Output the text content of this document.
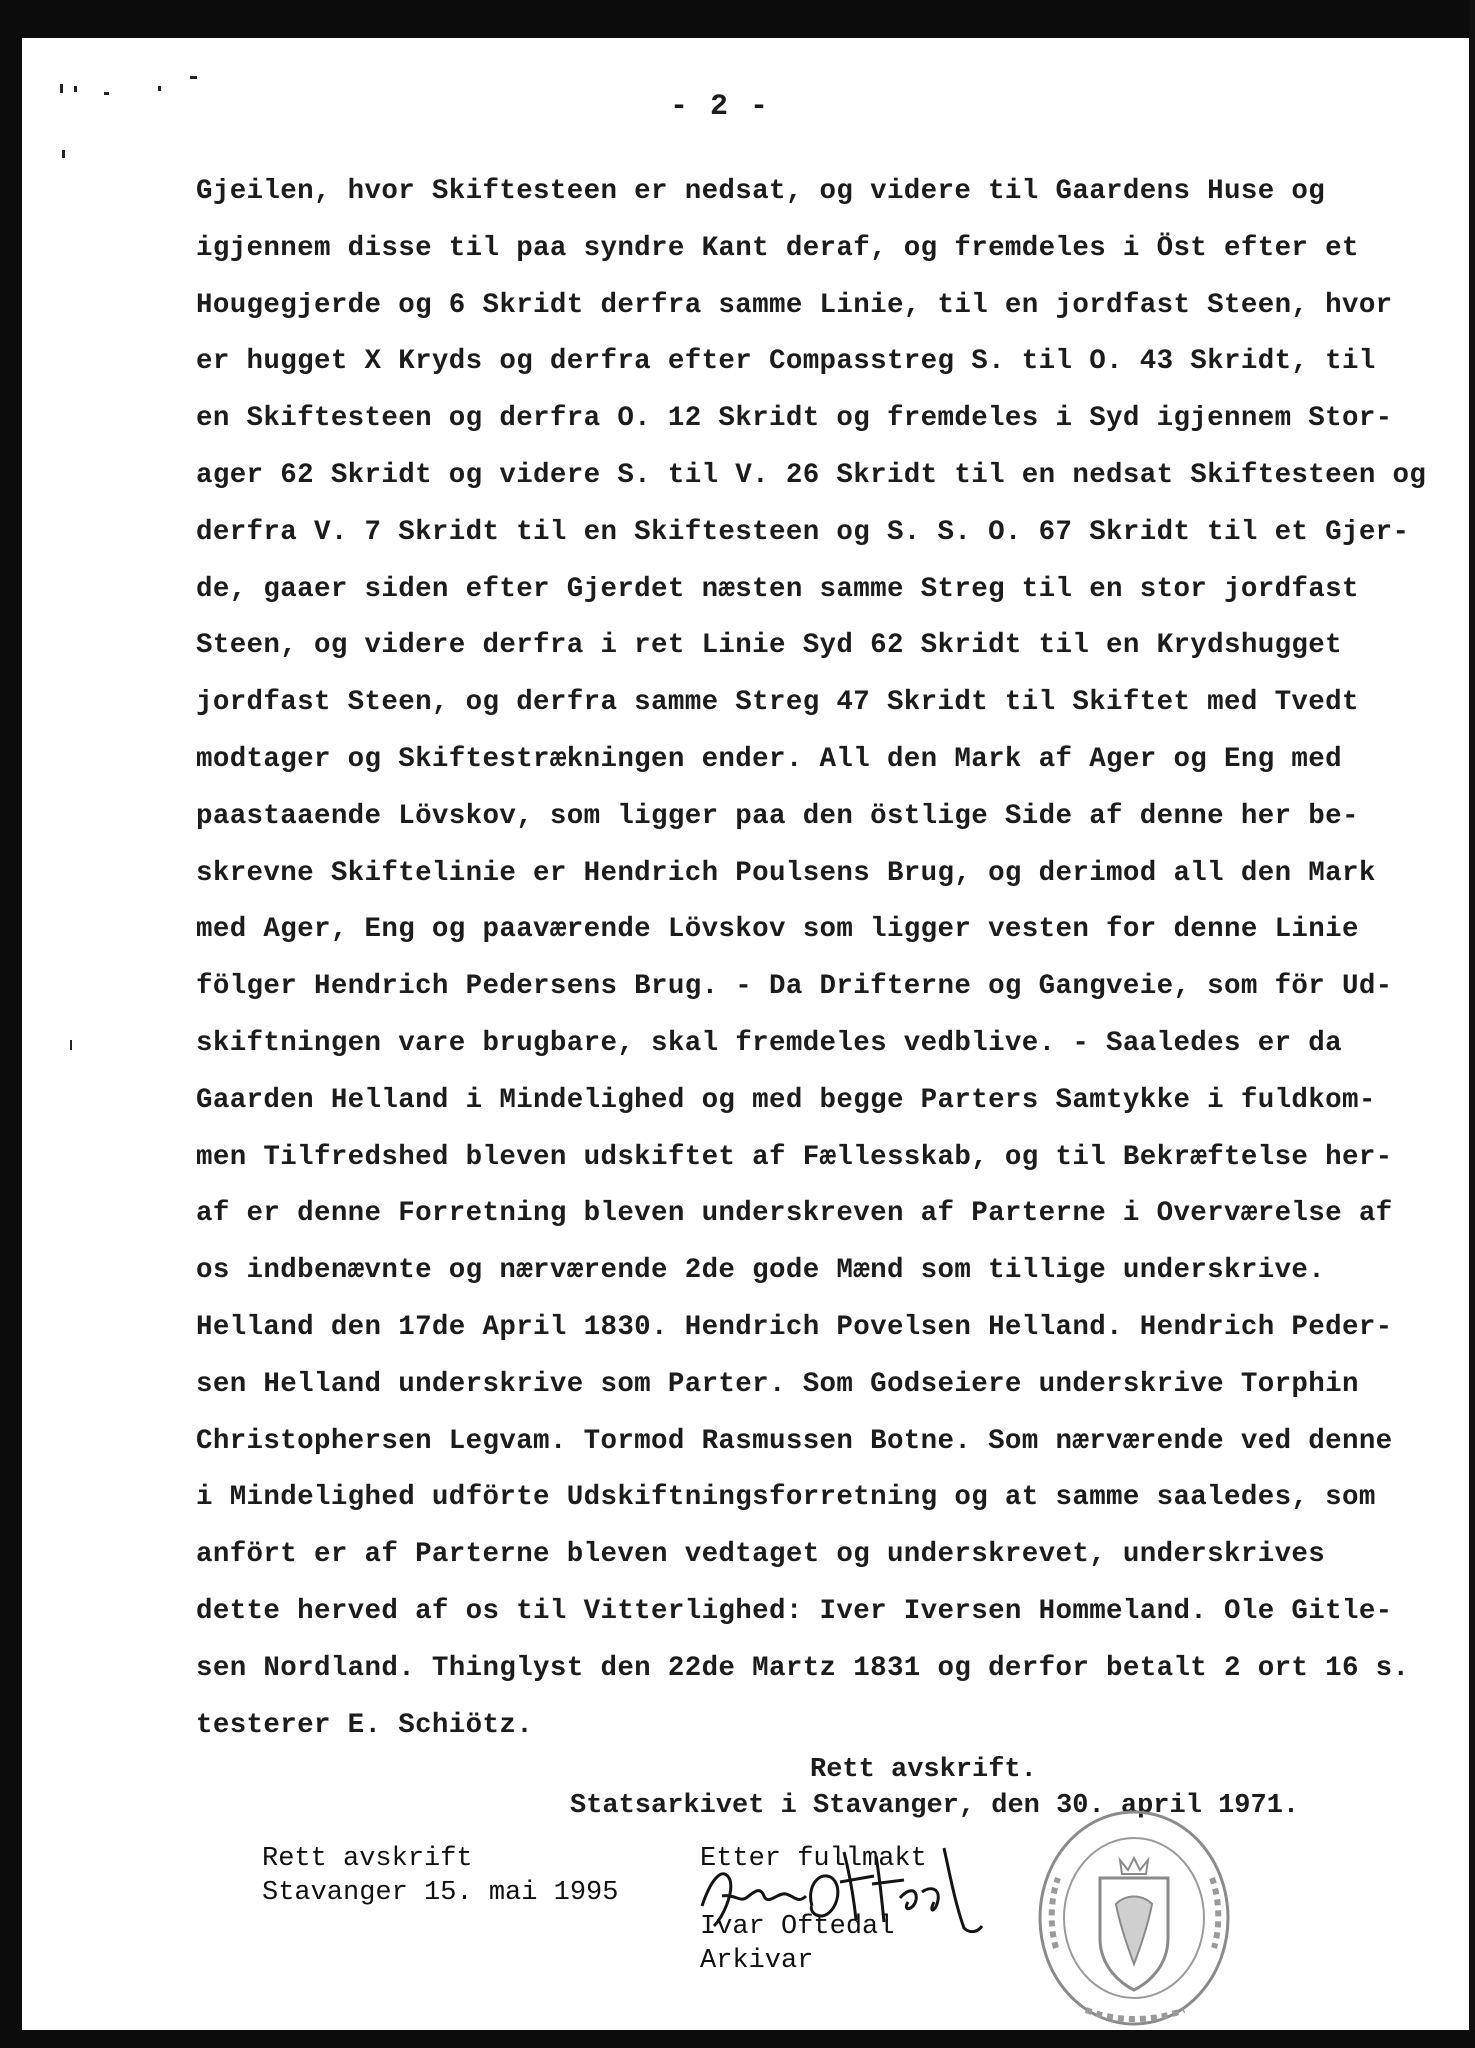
- 2 -
Gjeilen, hvor Skiftesteen er nedsat, og videre til Gaardens Huse og
igjennem disse til paa syndre Kant deraf, og fremdeles i Öst efter et
Hougegjerde og 6 Skridt derfra samme Linie, til en jordfast Steen, hvor
er hugget X Kryds og derfra efter Compasstreg S. til O. 43 Skridt, til
en Skiftesteen og derfra O. 12 Skridt og fremdeles i Syd igjennem Stor-
ager 62 Skridt og videre S. til V. 26 Skridt til en nedsat Skiftesteen og
derfra V. 7 Skridt til en Skiftesteen og S. S. O. 67 Skridt til et Gjer-
de, gaaer siden efter Gjerdet næsten samme Streg til en stor jordfast
Steen, og videre derfra i ret Linie Syd 62 Skridt til en Krydshugget
jordfast Steen, og derfra samme Streg 47 Skridt til Skiftet med Tvedt
modtager og Skiftestrækningen ender. All den Mark af Ager og Eng med
paastaaende Lövskov, som ligger paa den östlige Side af denne her be-
skrevne Skiftelinie er Hendrich Poulsens Brug, og derimod all den Mark
med Ager, Eng og paaværende Lövskov som ligger vesten for denne Linie
fölger Hendrich Pedersens Brug. - Da Drifterne og Gangveie, som för Ud-
skiftningen vare brugbare, skal fremdeles vedblive. - Saaledes er da
Gaarden Helland i Mindelighed og med begge Parters Samtykke i fuldkom-
men Tilfredshed bleven udskiftet af Fællesskab, og til Bekræftelse her-
af er denne Forretning bleven underskreven af Parterne i Overværelse af
os indbenævnte og nærværende 2de gode Mænd som tillige underskrive.
Helland den 17de April 1830. Hendrich Povelsen Helland. Hendrich Peder-
sen Helland underskrive som Parter. Som Godseiere underskrive Torphin
Christophersen Legvam. Tormod Rasmussen Botne. Som nærværende ved denne
i Mindelighed udförte Udskiftningsforretning og at samme saaledes, som
anfört er af Parterne bleven vedtaget og underskrevet, underskrives
dette herved af os til Vitterlighed: Iver Iversen Hommeland. Ole Gitle-
sen Nordland. Thinglyst den 22de Martz 1831 og derfor betalt 2 ort 16 s.
testerer E. Schiötz.
Rett avskrift.
Statsarkivet i Stavanger, den 30. april 1971.
Rett avskrift
Stavanger 15. mai 1995
Etter fullmakt
Ivar Oftedal
Arkivar
